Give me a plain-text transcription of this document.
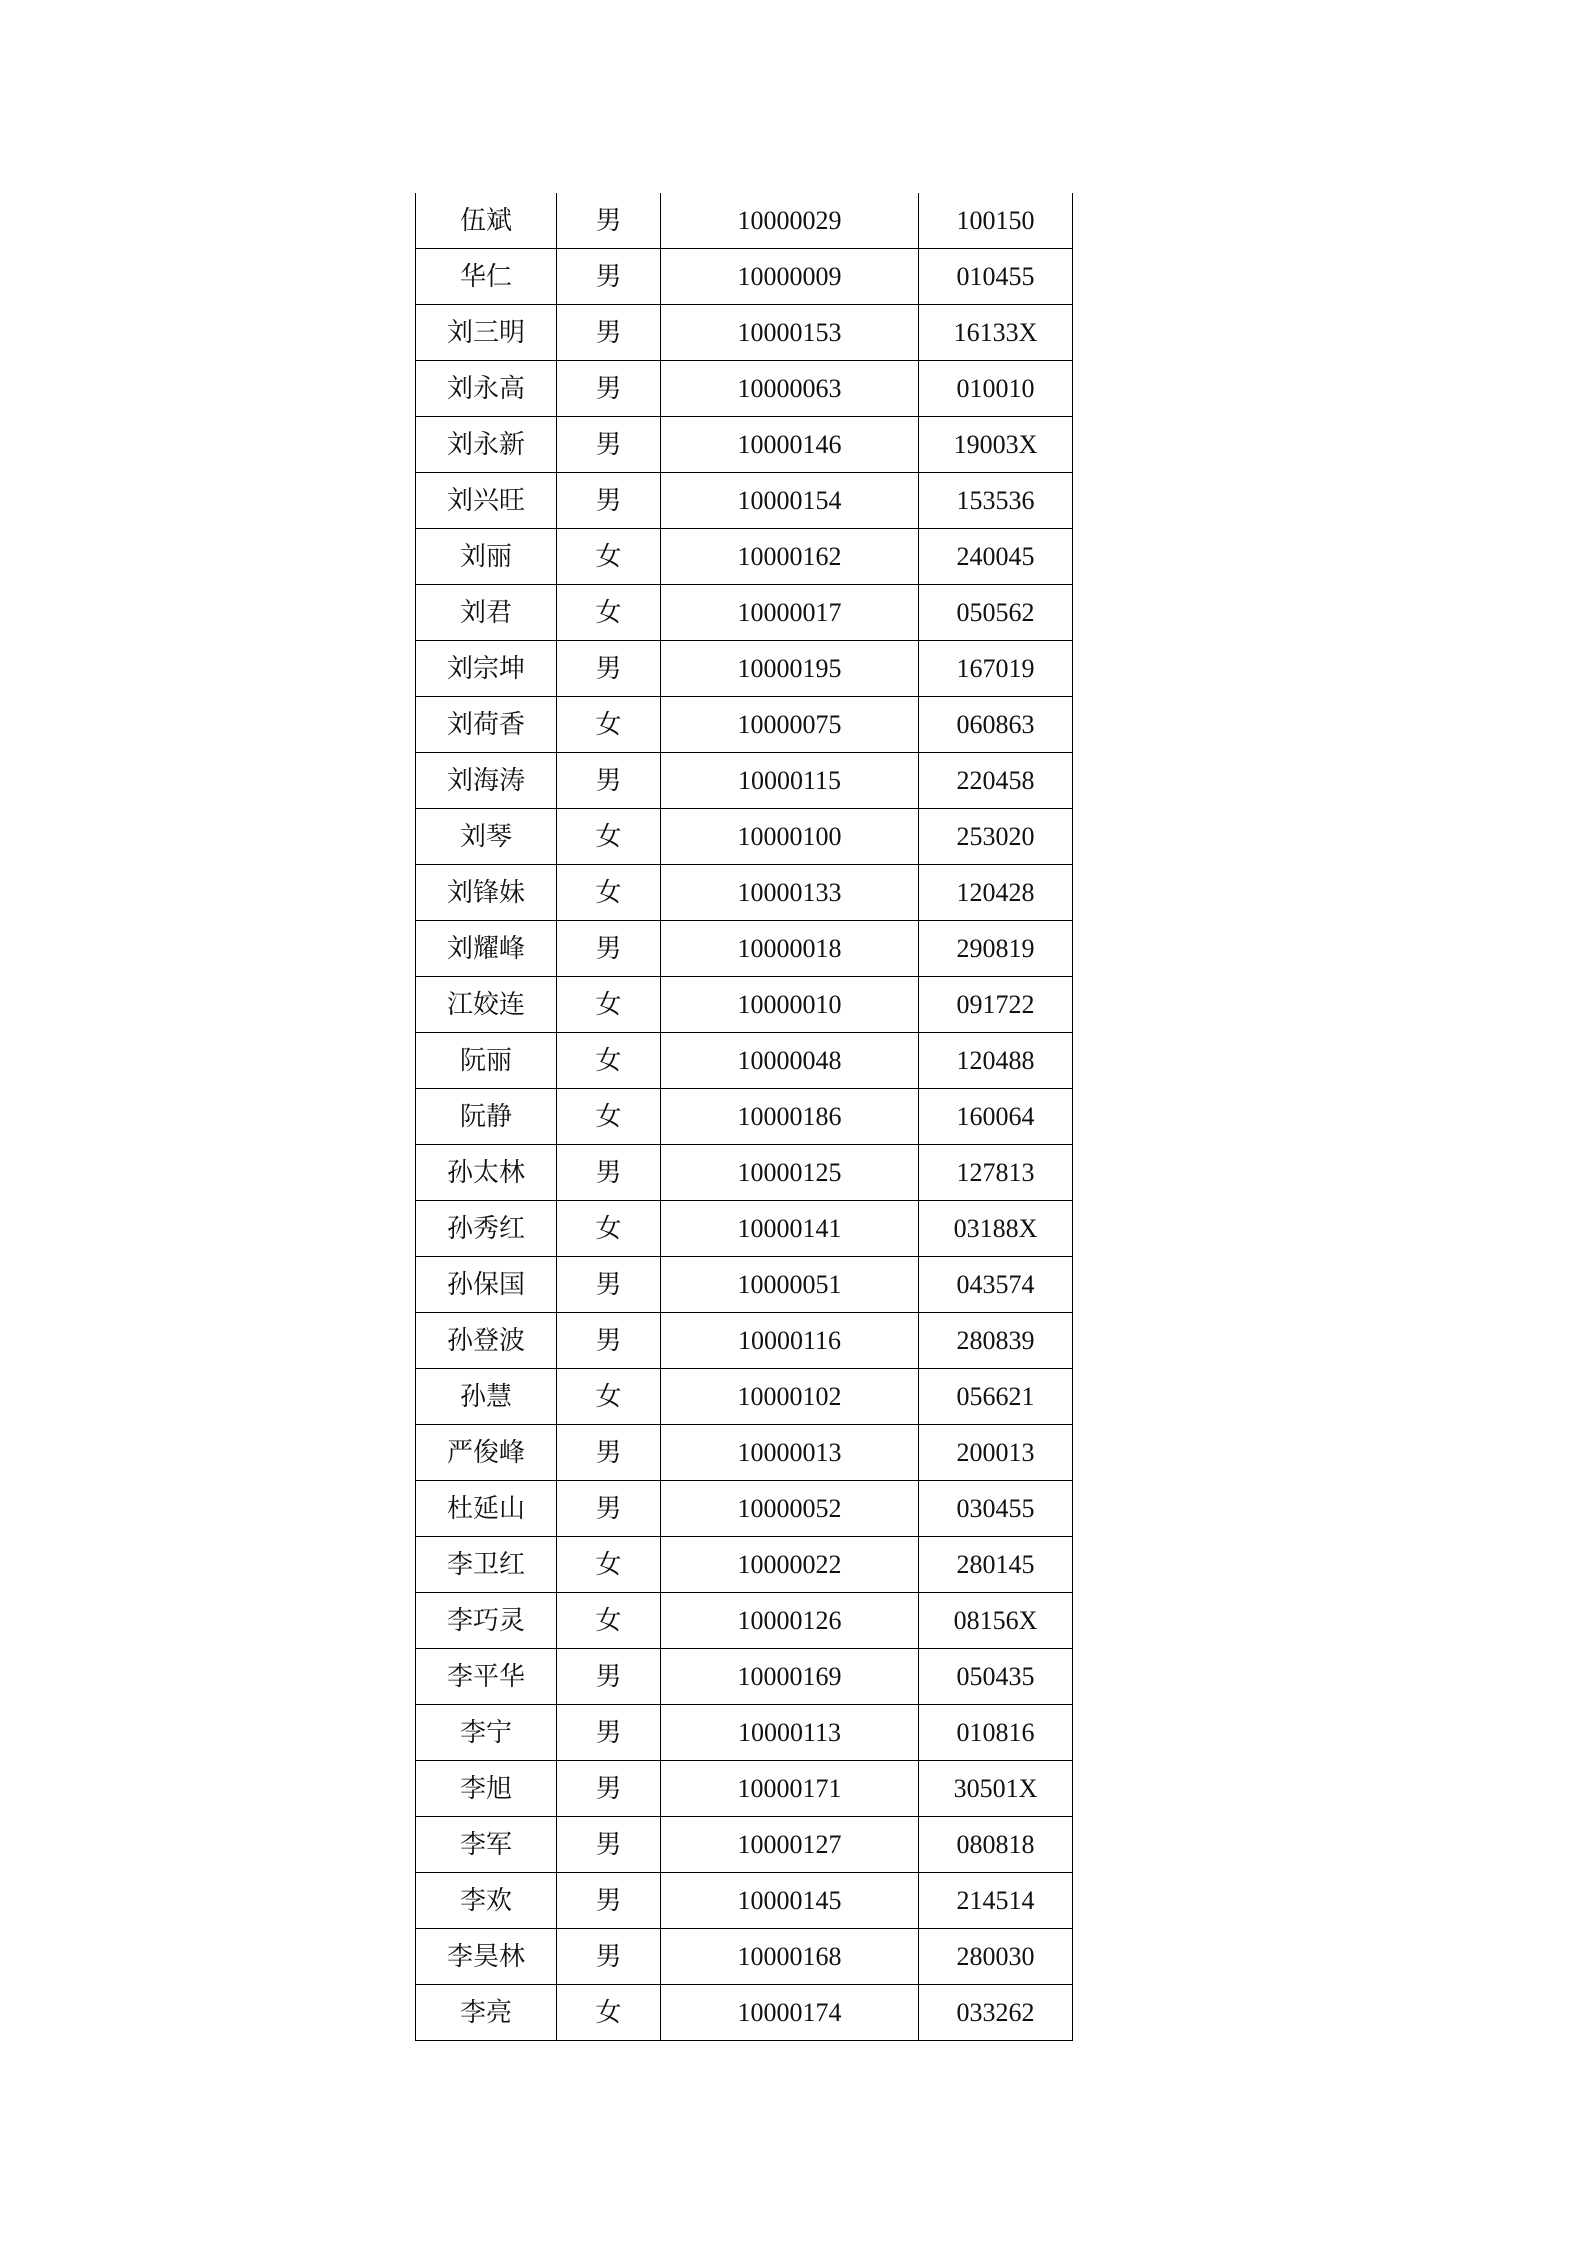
伍斌	男	10000029	100150
华仁	男	10000009	010455
刘三明	男	10000153	16133X
刘永高	男	10000063	010010
刘永新	男	10000146	19003X
刘兴旺	男	10000154	153536
刘丽	女	10000162	240045
刘君	女	10000017	050562
刘宗坤	男	10000195	167019
刘荷香	女	10000075	060863
刘海涛	男	10000115	220458
刘琴	女	10000100	253020
刘锋妹	女	10000133	120428
刘耀峰	男	10000018	290819
江姣连	女	10000010	091722
阮丽	女	10000048	120488
阮静	女	10000186	160064
孙太林	男	10000125	127813
孙秀红	女	10000141	03188X
孙保国	男	10000051	043574
孙登波	男	10000116	280839
孙慧	女	10000102	056621
严俊峰	男	10000013	200013
杜延山	男	10000052	030455
李卫红	女	10000022	280145
李巧灵	女	10000126	08156X
李平华	男	10000169	050435
李宁	男	10000113	010816
李旭	男	10000171	30501X
李军	男	10000127	080818
李欢	男	10000145	214514
李昊林	男	10000168	280030
李亮	女	10000174	033262
